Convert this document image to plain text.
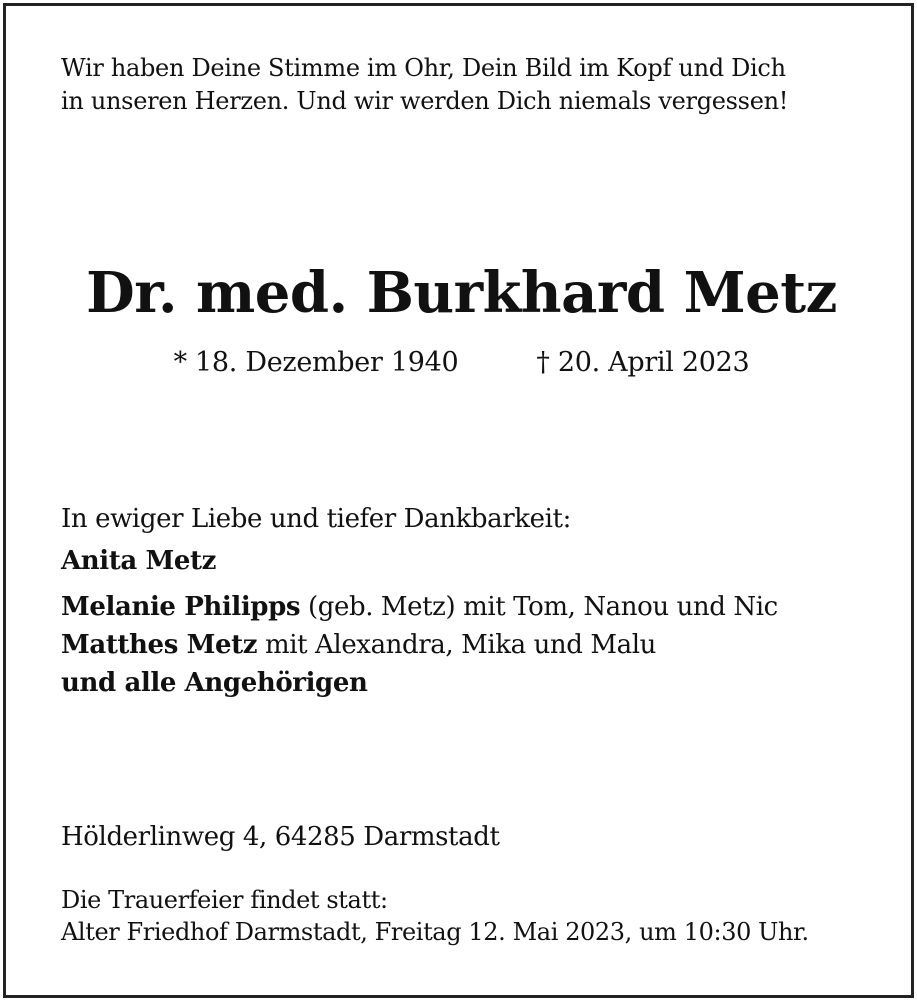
Wir haben Deine Stimme im Ohr, Dein Bild im Kopf und Dich
in unseren Herzen. Und wir werden Dich niemals vergessen!
Dr. med. Burkhard Metz
* 18. Dezember 1940	† 20. April 2023
In ewiger Liebe und tiefer Dankbarkeit:
Anita Metz
Melanie Philipps (geb. Metz) mit Tom, Nanou und Nic
Matthes Metz mit Alexandra, Mika und Malu
und alle Angehörigen
Hölderlinweg 4, 64285 Darmstadt
Die Trauerfeier findet statt:
Alter Friedhof Darmstadt, Freitag 12. Mai 2023, um 10:30 Uhr.
